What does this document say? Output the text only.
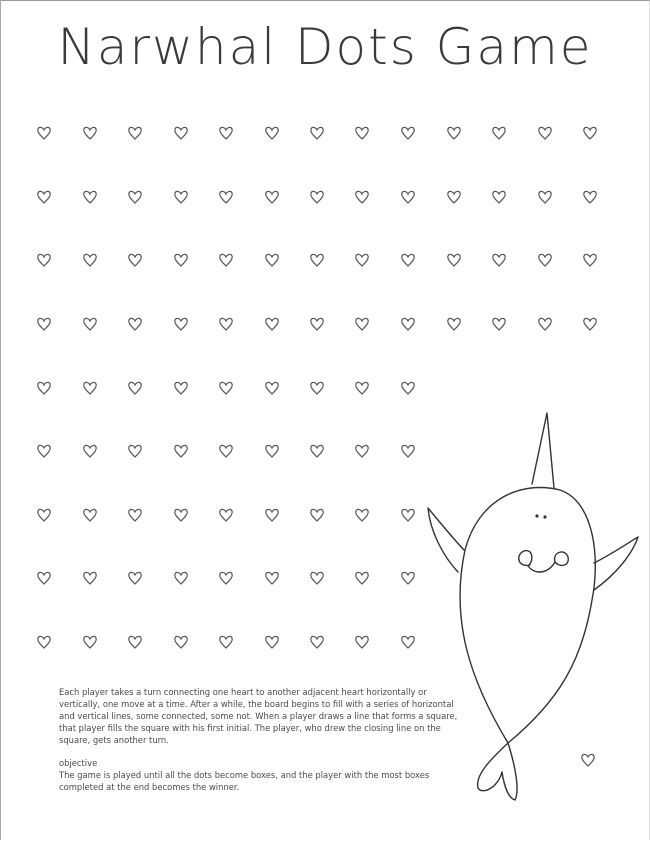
Narwhal Dots Game

Each player takes a turn connecting one heart to another adjacent heart horizontally or vertically, one move at a time. After a while, the board begins to fill with a series of horizontal and vertical lines, some connected, some not. When a player draws a line that forms a square, that player fills the square with his first initial. The player, who drew the closing line on the square, gets another turn.

objective

The game is played until all the dots become boxes, and the player with the most boxes completed at the end becomes the winner.
